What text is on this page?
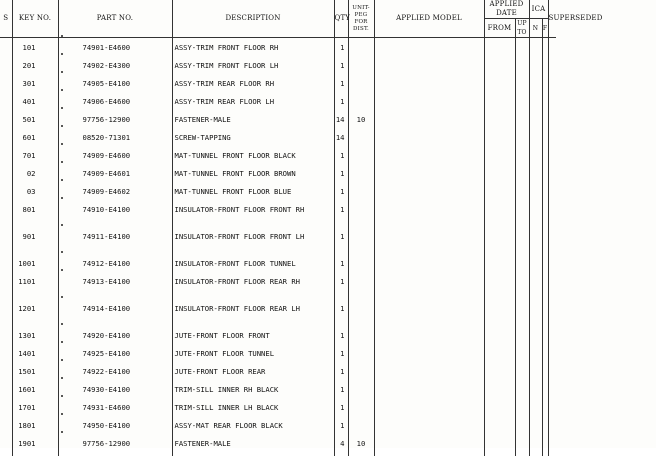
S	KEY NO.	PART NO.	DESCRIPTION	QTY	UNIT-PEG FOR DIST.	APPLIED MODEL	APPLIED DATE		ICA		SUPERSEDED
							FROM	UP TO	N	F	
	101	74901-E4600	ASSY-TRIM FRONT FLOOR RH	1							
	201	74902-E4300	ASSY-TRIM FRONT FLOOR LH	1							
	301	74905-E4100	ASSY-TRIM REAR FLOOR RH	1							
	401	74906-E4600	ASSY-TRIM REAR FLOOR LH	1							
	501	97756-12900	FASTENER-MALE	14	10						
	601	08520-71301	SCREW-TAPPING	14							
	701	74909-E4600	MAT-TUNNEL FRONT FLOOR BLACK	1							
	02	74909-E4601	MAT-TUNNEL FRONT FLOOR BROWN	1							
	03	74909-E4602	MAT-TUNNEL FRONT FLOOR BLUE	1							
	801	74910-E4100	INSULATOR-FRONT FLOOR FRONT RH	1							
	901	74911-E4100	INSULATOR-FRONT FLOOR FRONT LH	1							
	1001	74912-E4100	INSULATOR-FRONT FLOOR TUNNEL	1							
	1101	74913-E4100	INSULATOR-FRONT FLOOR REAR RH	1							
	1201	74914-E4100	INSULATOR-FRONT FLOOR REAR LH	1							
	1301	74920-E4100	JUTE-FRONT FLOOR FRONT	1							
	1401	74925-E4100	JUTE-FRONT FLOOR TUNNEL	1							
	1501	74922-E4100	JUTE-FRONT FLOOR REAR	1							
	1601	74930-E4100	TRIM-SILL INNER RH BLACK	1							
	1701	74931-E4600	TRIM-SILL INNER LH BLACK	1							
	1801	74950-E4100	ASSY-MAT REAR FLOOR BLACK	1							
	1901	97756-12900	FASTENER-MALE	4	10						
